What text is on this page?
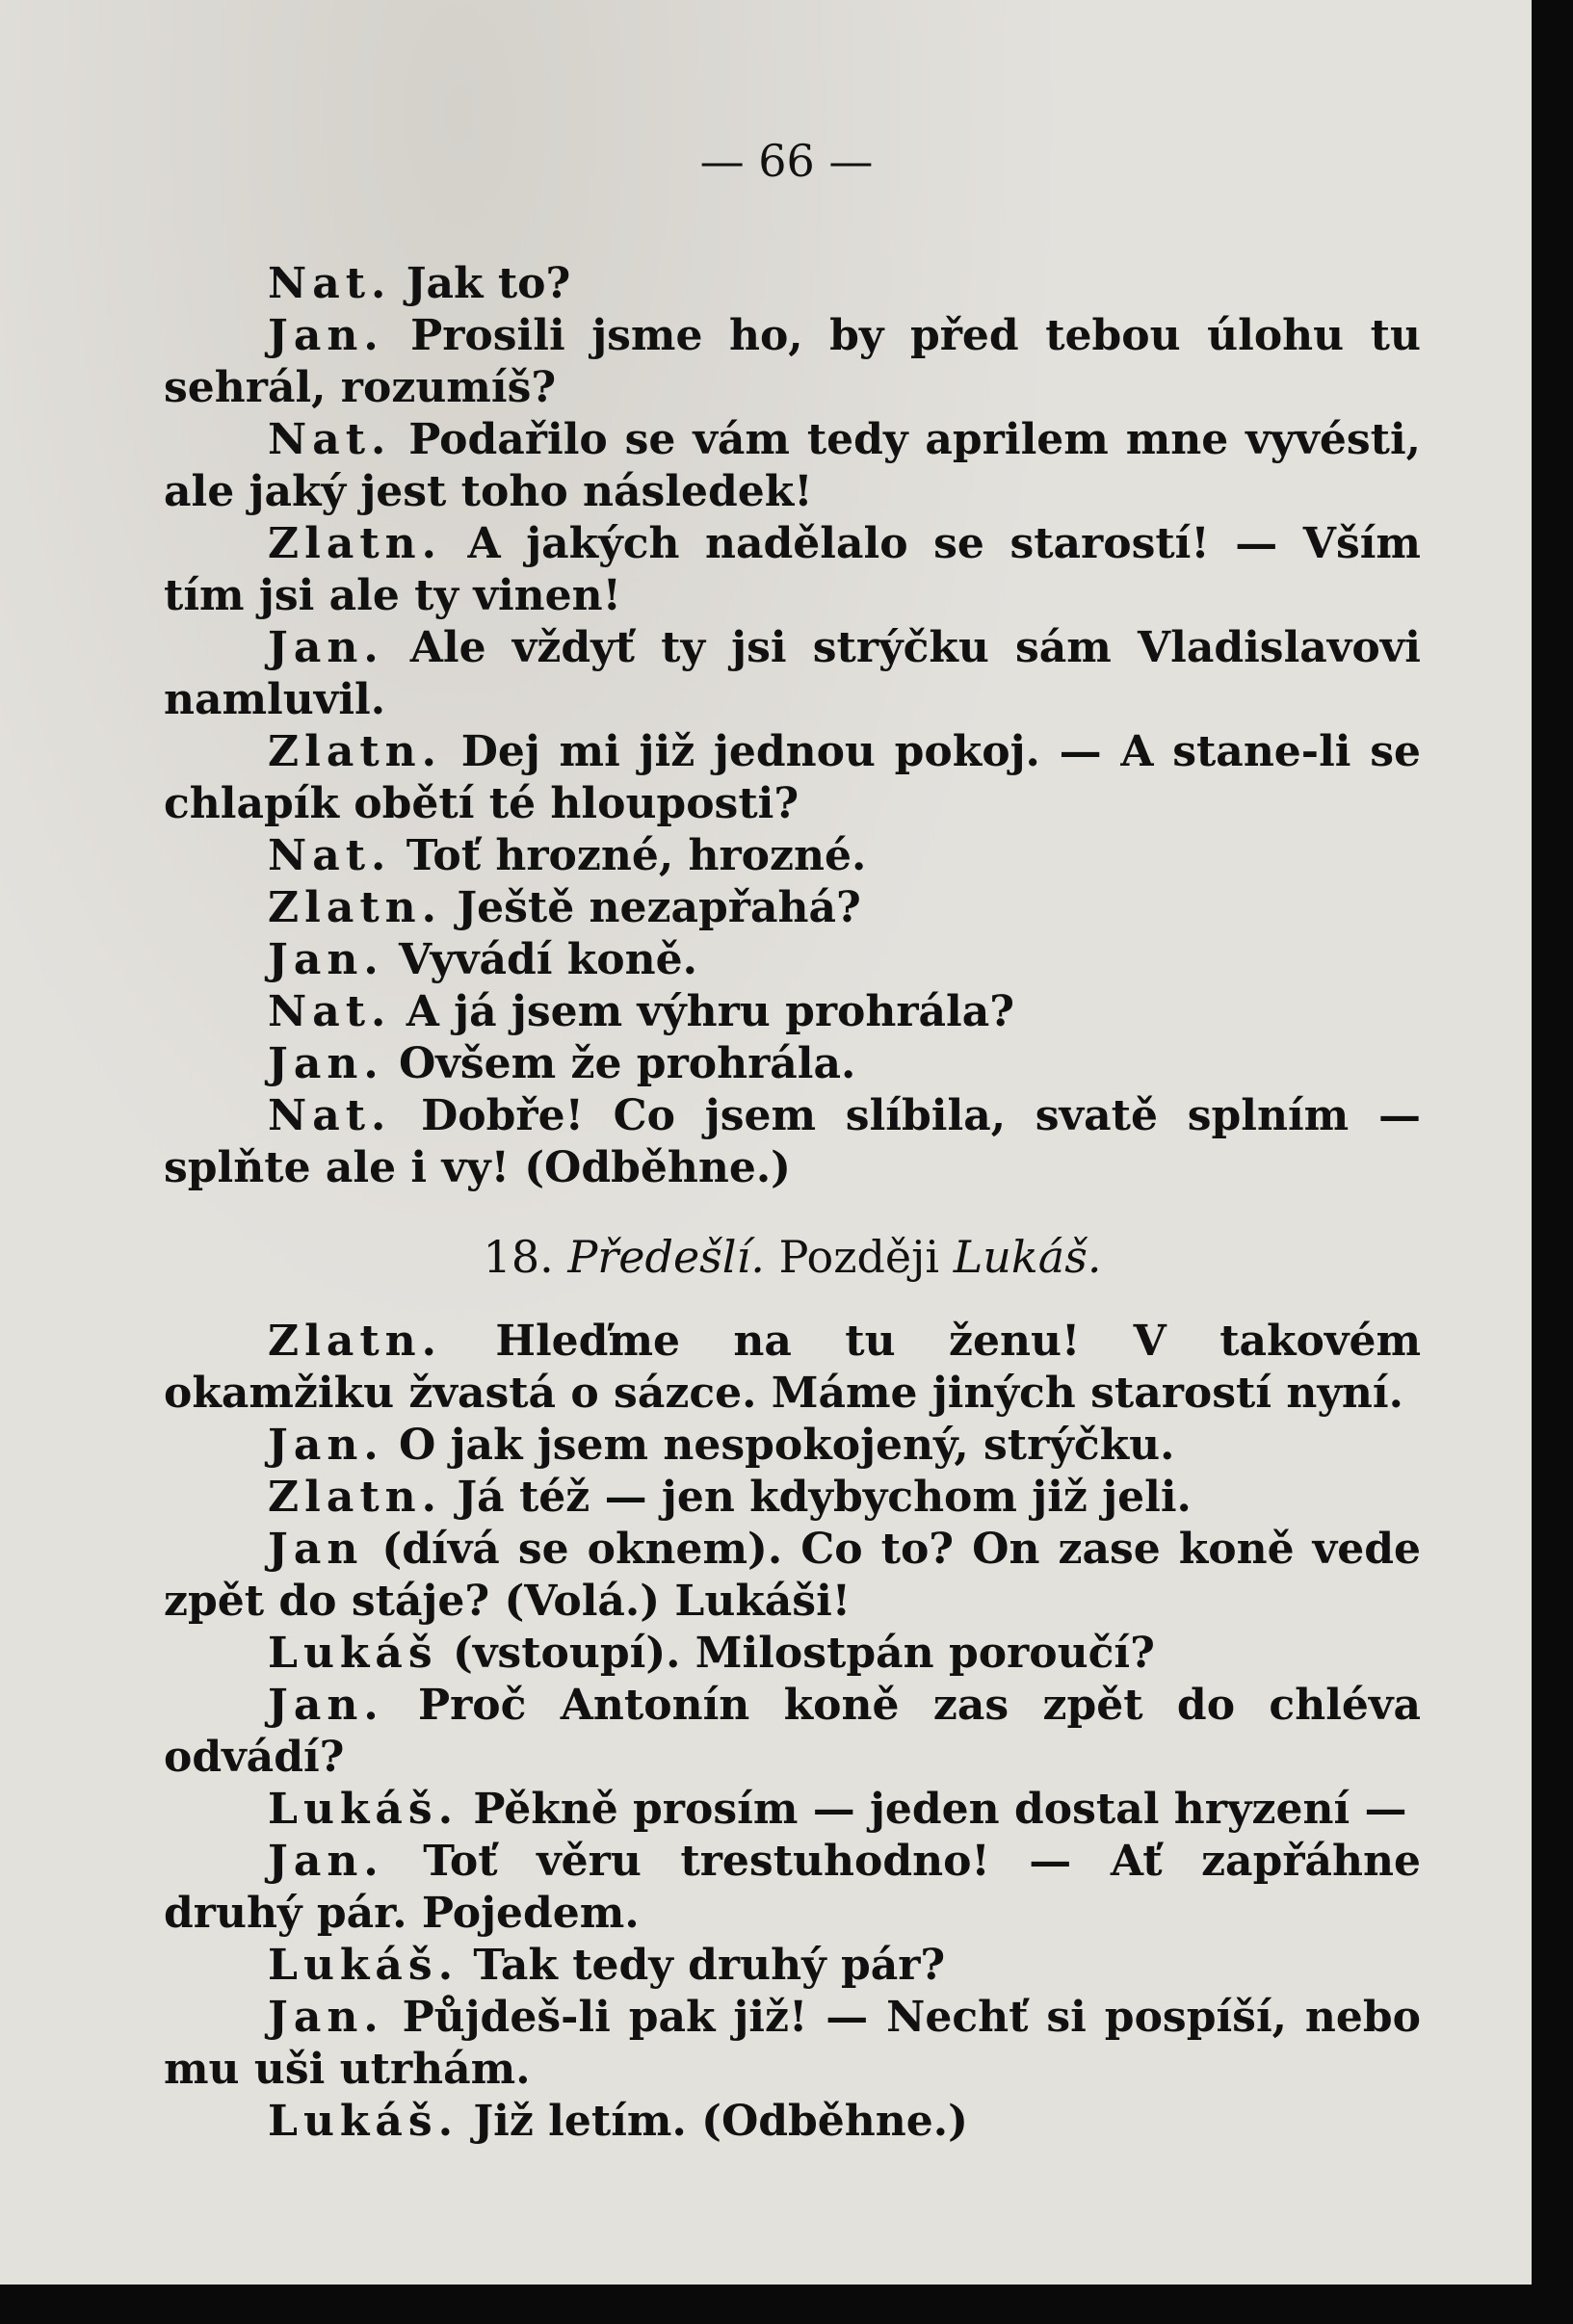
— 66 —

Nat. Jak to?

Jan. Prosili jsme ho, by před tebou úlohu tu sehrál, rozumíš?

Nat. Podařilo se vám tedy aprilem mne vyvésti, ale jaký jest toho následek!

Zlatn. A jakých nadělalo se starostí! — Vším tím jsi ale ty vinen!

Jan. Ale vždyť ty jsi strýčku sám Vladislavovi namluvil.

Zlatn. Dej mi již jednou pokoj. — A stane-li se chlapík obětí té hlouposti?

Nat. Toť hrozné, hrozné.

Zlatn. Ještě nezapřahá?

Jan. Vyvádí koně.

Nat. A já jsem výhru prohrála?

Jan. Ovšem že prohrála.

Nat. Dobře! Co jsem slíbila, svatě splním — splňte ale i vy! (Odběhne.)

18. Předešlí. Později Lukáš.

Zlatn. Hleďme na tu ženu! V takovém okamžiku žvastá o sázce. Máme jiných starostí nyní.

Jan. O jak jsem nespokojený, strýčku.

Zlatn. Já též — jen kdybychom již jeli.

Jan (dívá se oknem). Co to? On zase koně vede zpět do stáje? (Volá.) Lukáši!

Lukáš (vstoupí). Milostpán poroučí?

Jan. Proč Antonín koně zas zpět do chléva odvádí?

Lukáš. Pěkně prosím — jeden dostal hryzení —

Jan. Toť věru trestuhodno! — Ať zapřáhne druhý pár. Pojedem.

Lukáš. Tak tedy druhý pár?

Jan. Půjdeš-li pak již! — Nechť si pospíší, nebo mu uši utrhám.

Lukáš. Již letím. (Odběhne.)
